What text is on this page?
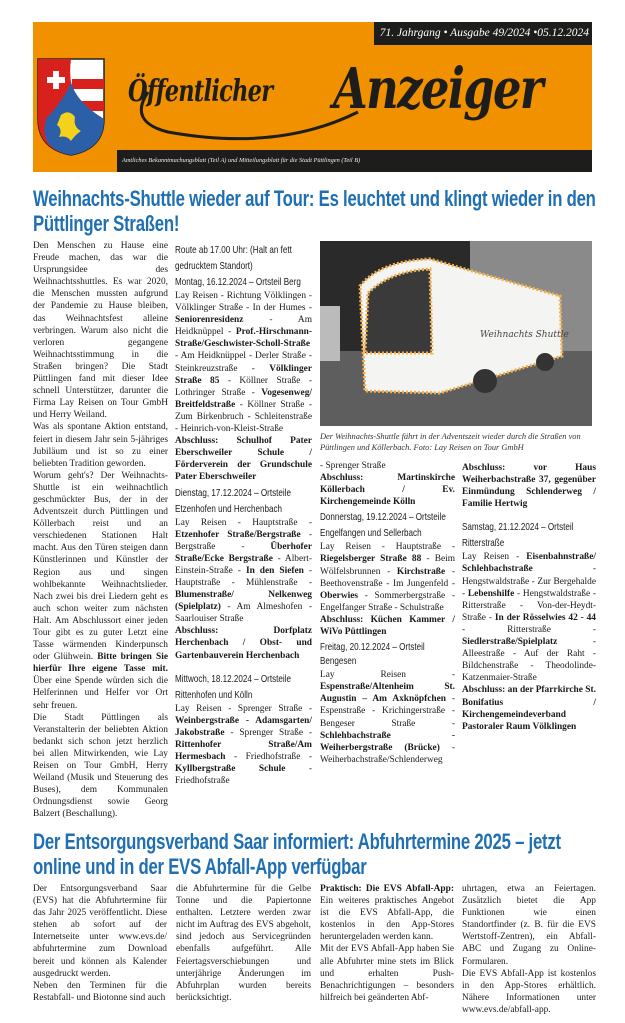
71. Jahrgang • Ausgabe 49/2024 •05.12.2024
Öffentlicher Anzeiger
Amtliches Bekanntmachungsblatt (Teil A) und Mitteilungsblatt für die Stadt Püttlingen (Teil B)
Weihnachts-Shuttle wieder auf Tour: Es leuchtet und klingt wieder in den Püttlinger Straßen!

Den Menschen zu Hause eine Freude machen, das war die Ursprungsidee des Weihnachtsshuttles. Es war 2020, die Menschen mussten aufgrund der Pandemie zu Hause bleiben, das Weihnachtsfest alleine verbringen. Warum also nicht die verloren gegangene Weihnachtsstimmung in die Straßen bringen? Die Stadt Püttlingen fand mit dieser Idee schnell Unterstützer, darunter die Firma Lay Reisen on Tour GmbH und Herry Weiland.

Was als spontane Aktion entstand, feiert in diesem Jahr sein 5-jähriges Jubiläum und ist so zu einer beliebten Tradition geworden.

Worum geht's? Der Weihnachts-Shuttle ist ein weihnachtlich geschmückter Bus, der in der Adventszeit durch Püttlingen und Köllerbach reist und an verschiedenen Stationen Halt macht. Aus den Türen steigen dann Künstlerinnen und Künstler der Region aus und singen wohlbekannte Weihnachtslieder. Nach zwei bis drei Liedern geht es auch schon weiter zum nächsten Halt. Am Abschlussort einer jeden Tour gibt es zu guter Letzt eine Tasse wärmenden Kinderpunsch oder Glühwein. Bitte bringen Sie hierfür Ihre eigene Tasse mit. Über eine Spende würden sich die Helferinnen und Helfer vor Ort sehr freuen.

Die Stadt Püttlingen als Veranstalterin der beliebten Aktion bedankt sich schon jetzt herzlich bei allen Mitwirkenden, wie Lay Reisen on Tour GmbH, Herry Weiland (Musik und Steuerung des Buses), dem Kommunalen Ordnungsdienst sowie Georg Balzert (Beschallung).

Route ab 17.00 Uhr: (Halt an fett
gedrucktem Standort)
Montag, 16.12.2024 – Ortsteil Berg

Lay Reisen - Richtung Völklingen - Völklinger Straße - In der Humes - Seniorenresidenz - Am Heidknüppel - Prof.-Hirschmann-Straße/Geschwister-Scholl-Straße - Am Heidknüppel - Derler Straße - Steinkreuzstraße - Völklinger Straße 85 - Köllner Straße - Lothringer Straße - Vogesenweg/ Breitfeldstraße - Köllner Straße - Zum Birkenbruch - Schleitenstraße - Heinrich-von-Kleist-Straße

Abschluss: Schulhof Pater Eberschweiler Schule / Förderverein der Grundschule Pater Eberschweiler

Dienstag, 17.12.2024 – Ortsteile
Etzenhofen und Herchenbach

Lay Reisen - Hauptstraße - Etzenhofer Straße/Bergstraße - Bergstraße - Überhofer Straße/Ecke Bergstraße - Albert-Einstein-Straße - In den Siefen - Hauptstraße - Mühlenstraße - Blumenstraße/ Nelkenweg (Spielplatz) - Am Almeshofen - Saarlouiser Straße

Abschluss: Dorfplatz Herchenbach / Obst- und Gartenbauverein Herchenbach

Mittwoch, 18.12.2024 – Ortsteile
Rittenhofen und Kölln

Lay Reisen - Sprenger Straße - Weinbergstraße - Adamsgarten/ Jakobstraße - Sprenger Straße - Rittenhofer Straße/Am Hermesbach - Friedhofstraße - Kyllbergstraße Schule -Friedhofstraße

Weihnachts Shuttle
Der Weihnachts-Shuttle fährt in der Adventszeit wieder durch die Straßen von Püttlingen und Köllerbach. Foto: Lay Reisen on Tour GmbH

- Sprenger Straße

Abschluss: Martinskirche Köllerbach / Ev. Kirchengemeinde Kölln

Donnerstag, 19.12.2024 – Ortsteile
Engelfangen und Sellerbach

Lay Reisen - Hauptstraße - Riegelsberger Straße 88 - Beim Wölfelsbrunnen - Kirchstraße - Beethovenstraße - Im Jungenfeld - Oberwies - Sommerbergstraße - Engelfanger Straße - Schulstraße

Abschluss: Küchen Kammer / WiVo Püttlingen

Freitag, 20.12.2024 – Ortsteil Bengesen

Lay Reisen - Espenstraße/Altenheim St. Augustin – Am Axknöpfchen - Espenstraße - Krichingerstraße - Bengeser Straße - Schlehbachstraße - Weiherbergstraße (Brücke) - Weiherbachstraße/Schlenderweg

Abschluss: vor Haus Weiherbachstraße 37, gegenüber Einmündung Schlenderweg / Familie Hertwig

Samstag, 21.12.2024 – Ortsteil
Ritterstraße

Lay Reisen - Eisenbahnstraße/ Schlehbachstraße - Hengstwaldstraße - Zur Bergehalde - Lebenshilfe - Hengstwaldstraße - Ritterstraße - Von-der-Heydt-Straße - In der Rösselwies 42 - 44 - Ritterstraße - Siedlerstraße/Spielplatz - Alleestraße - Auf der Raht - Bildchenstraße - Theodolinde-Katzenmaier-Straße

Abschluss: an der Pfarrkirche St. Bonifatius / Kirchengemeindeverband Pastoraler Raum Völklingen

Der Entsorgungsverband Saar informiert: Abfuhrtermine 2025 – jetzt online und in der EVS Abfall-App verfügbar

Der Entsorgungsverband Saar (EVS) hat die Abfuhrtermine für das Jahr 2025 veröffentlicht. Diese stehen ab sofort auf der Internetseite unter www.evs.de/ abfuhrtermine zum Download bereit und können als Kalender ausgedruckt werden.

Neben den Terminen für die Restabfall- und Biotonne sind auch

die Abfuhrtermine für die Gelbe Tonne und die Papiertonne enthalten. Letztere werden zwar nicht im Auftrag des EVS abgeholt, sind jedoch aus Servicegründen ebenfalls aufgeführt. Alle Feiertagsverschiebungen und unterjährige Änderungen im Abfuhrplan wurden bereits berücksichtigt.

Praktisch: Die EVS Abfall-App: Ein weiteres praktisches Angebot ist die EVS Abfall-App, die kostenlos in den App-Stores heruntergeladen werden kann.

Mit der EVS Abfall-App haben Sie alle Abfuhrter mine stets im Blick und erhalten Push-Benachrichtigungen – besonders hilfreich bei geänderten Abf-

uhrtagen, etwa an Feiertagen. Zusätzlich bietet die App Funktionen wie einen Standortfinder (z. B. für die EVS Wertstoff-Zentren), ein Abfall-ABC und Zugang zu Online-Formularen.

Die EVS Abfall-App ist kostenlos in den App-Stores erhältlich. Nähere Informationen unter www.evs.de/abfall-app.
